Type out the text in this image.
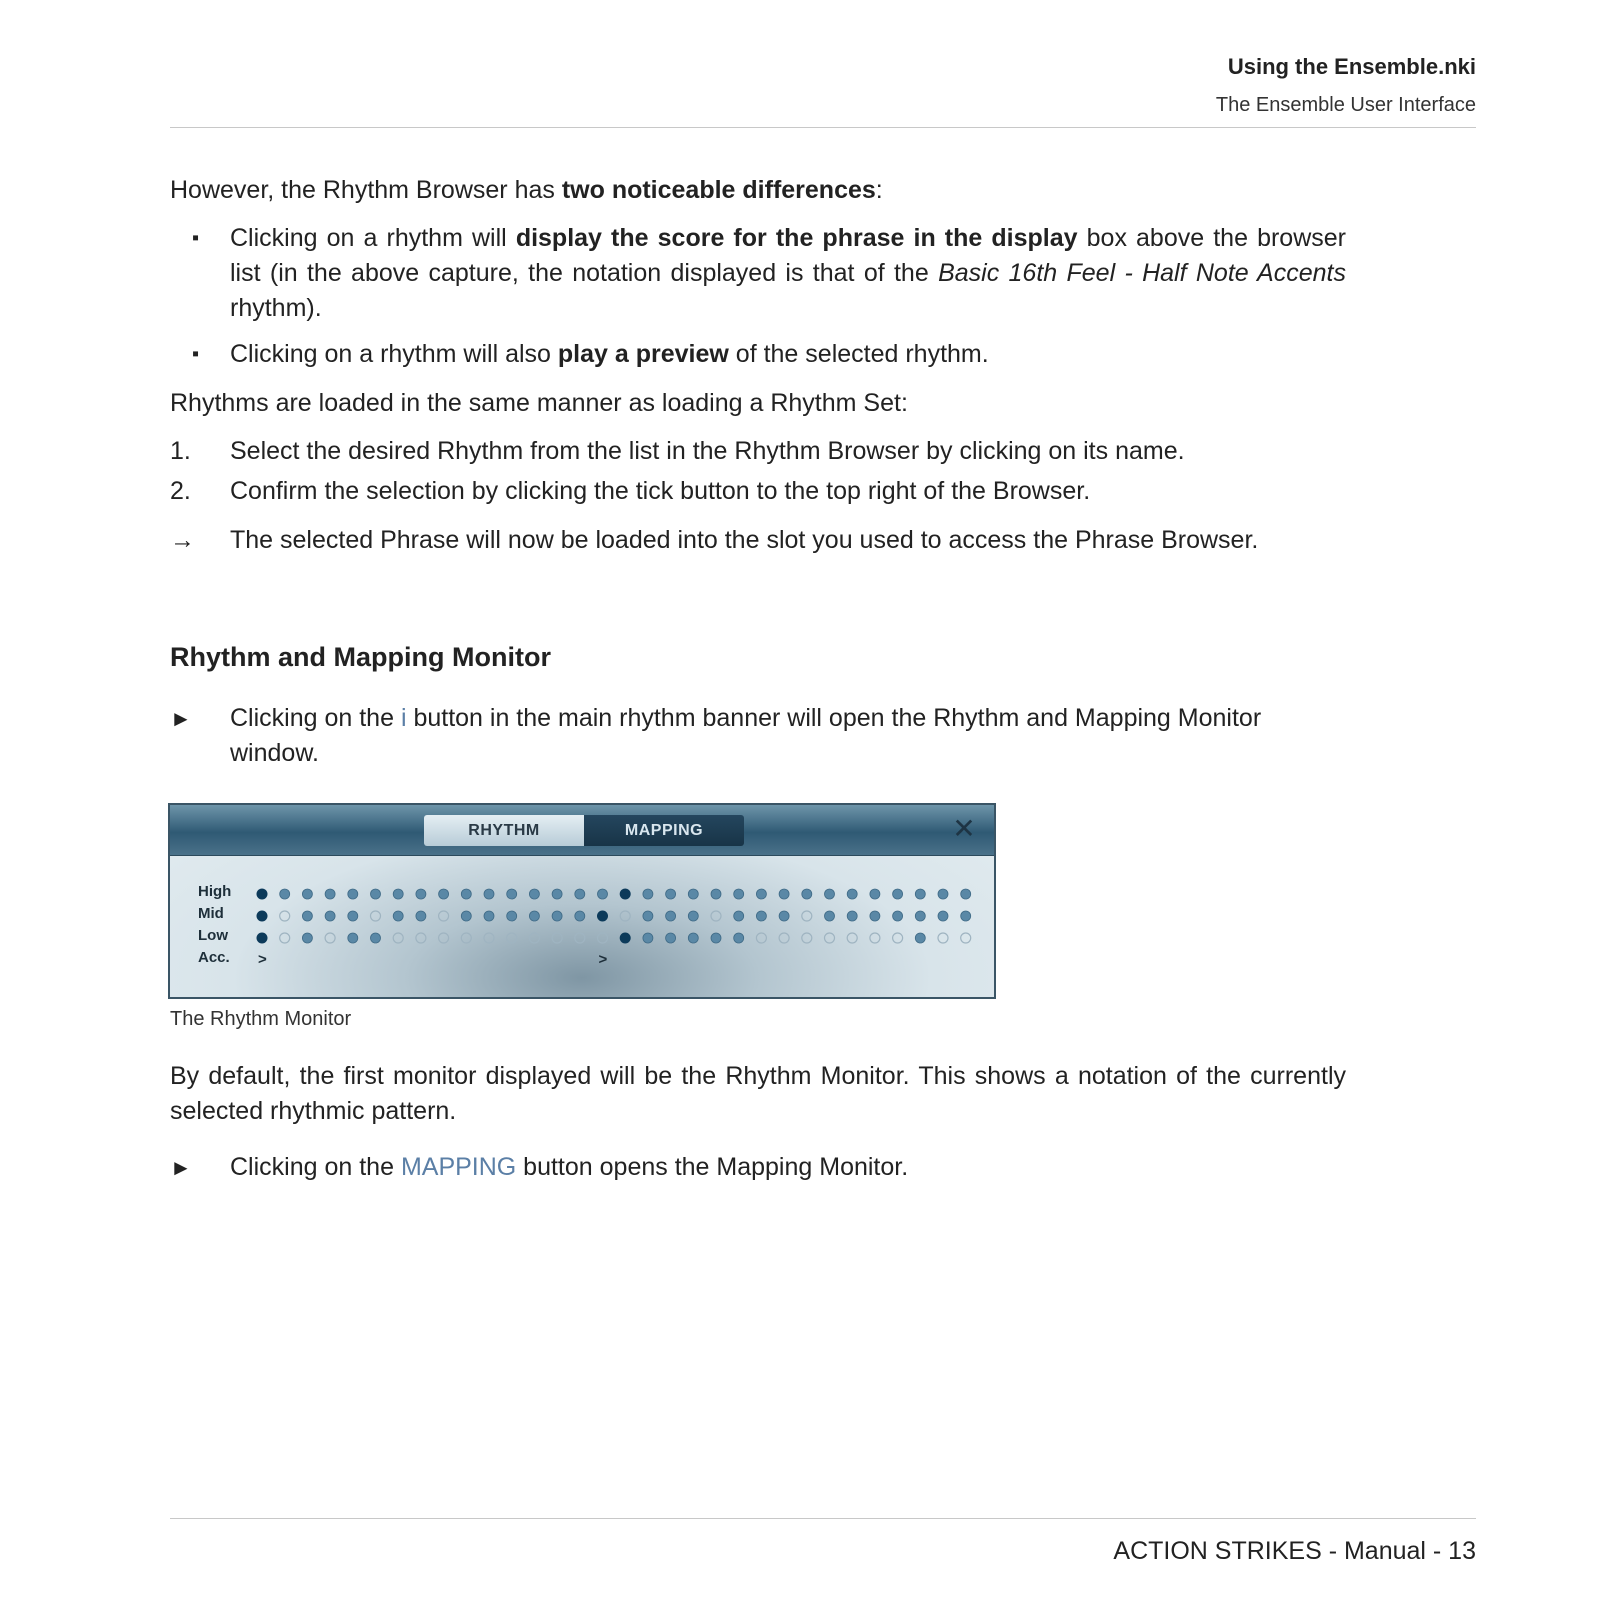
Using the Ensemble.nki
The Ensemble User Interface

However, the Rhythm Browser has two noticeable differences:

▪ Clicking on a rhythm will display the score for the phrase in the display box above the browser list (in the above capture, the notation displayed is that of the Basic 16th Feel - Half Note Accents rhythm).

▪ Clicking on a rhythm will also play a preview of the selected rhythm.

Rhythms are loaded in the same manner as loading a Rhythm Set:

1. Select the desired Rhythm from the list in the Rhythm Browser by clicking on its name.

2. Confirm the selection by clicking the tick button to the top right of the Browser.

→ The selected Phrase will now be loaded into the slot you used to access the Phrase Browser.

Rhythm and Mapping Monitor
► Clicking on the i button in the main rhythm banner will open the Rhythm and Mapping Monitor window.

RHYTHM	MAPPING	✕
High
Mid
Low
Acc. >	>
The Rhythm Monitor

By default, the first monitor displayed will be the Rhythm Monitor. This shows a notation of the currently selected rhythmic pattern.

► Clicking on the MAPPING button opens the Mapping Monitor.

ACTION STRIKES - Manual - 13
